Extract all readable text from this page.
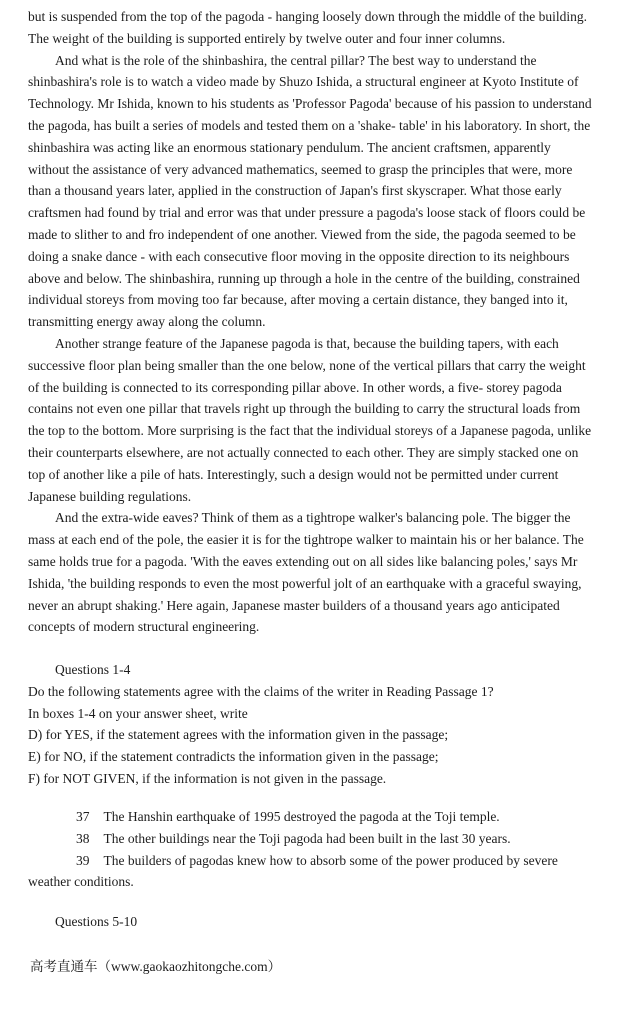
but is suspended from the top of the pagoda - hanging loosely down through the middle of the building. The weight of the building is supported entirely by twelve outer and four inner columns.

And what is the role of the shinbashira, the central pillar? The best way to understand the shinbashira's role is to watch a video made by Shuzo Ishida, a structural engineer at Kyoto Institute of Technology. Mr Ishida, known to his students as 'Professor Pagoda' because of his passion to understand the pagoda, has built a series of models and tested them on a 'shake- table' in his laboratory. In short, the shinbashira was acting like an enormous stationary pendulum. The ancient craftsmen, apparently without the assistance of very advanced mathematics, seemed to grasp the principles that were, more than a thousand years later, applied in the construction of Japan's first skyscraper. What those early craftsmen had found by trial and error was that under pressure a pagoda's loose stack of floors could be made to slither to and fro independent of one another. Viewed from the side, the pagoda seemed to be doing a snake dance - with each consecutive floor moving in the opposite direction to its neighbours above and below. The shinbashira, running up through a hole in the centre of the building, constrained individual storeys from moving too far because, after moving a certain distance, they banged into it, transmitting energy away along the column.

Another strange feature of the Japanese pagoda is that, because the building tapers, with each successive floor plan being smaller than the one below, none of the vertical pillars that carry the weight of the building is connected to its corresponding pillar above. In other words, a five- storey pagoda contains not even one pillar that travels right up through the building to carry the structural loads from the top to the bottom. More surprising is the fact that the individual storeys of a Japanese pagoda, unlike their counterparts elsewhere, are not actually connected to each other. They are simply stacked one on top of another like a pile of hats. Interestingly, such a design would not be permitted under current Japanese building regulations.

And the extra-wide eaves? Think of them as a tightrope walker's balancing pole. The bigger the mass at each end of the pole, the easier it is for the tightrope walker to maintain his or her balance. The same holds true for a pagoda. 'With the eaves extending out on all sides like balancing poles,' says Mr Ishida, 'the building responds to even the most powerful jolt of an earthquake with a graceful swaying, never an abrupt shaking.' Here again, Japanese master builders of a thousand years ago anticipated concepts of modern structural engineering.

Questions 1-4

Do the following statements agree with the claims of the writer in Reading Passage 1?

In boxes 1-4 on your answer sheet, write

D) for YES, if the statement agrees with the information given in the passage;

E) for NO, if the statement contradicts the information given in the passage;

F) for NOT GIVEN, if the information is not given in the passage.

37 The Hanshin earthquake of 1995 destroyed the pagoda at the Toji temple.

38 The other buildings near the Toji pagoda had been built in the last 30 years.

39 The builders of pagodas knew how to absorb some of the power produced by severe weather conditions.

Questions 5-10

高考直通车（www.gaokaozhitongche.com）
